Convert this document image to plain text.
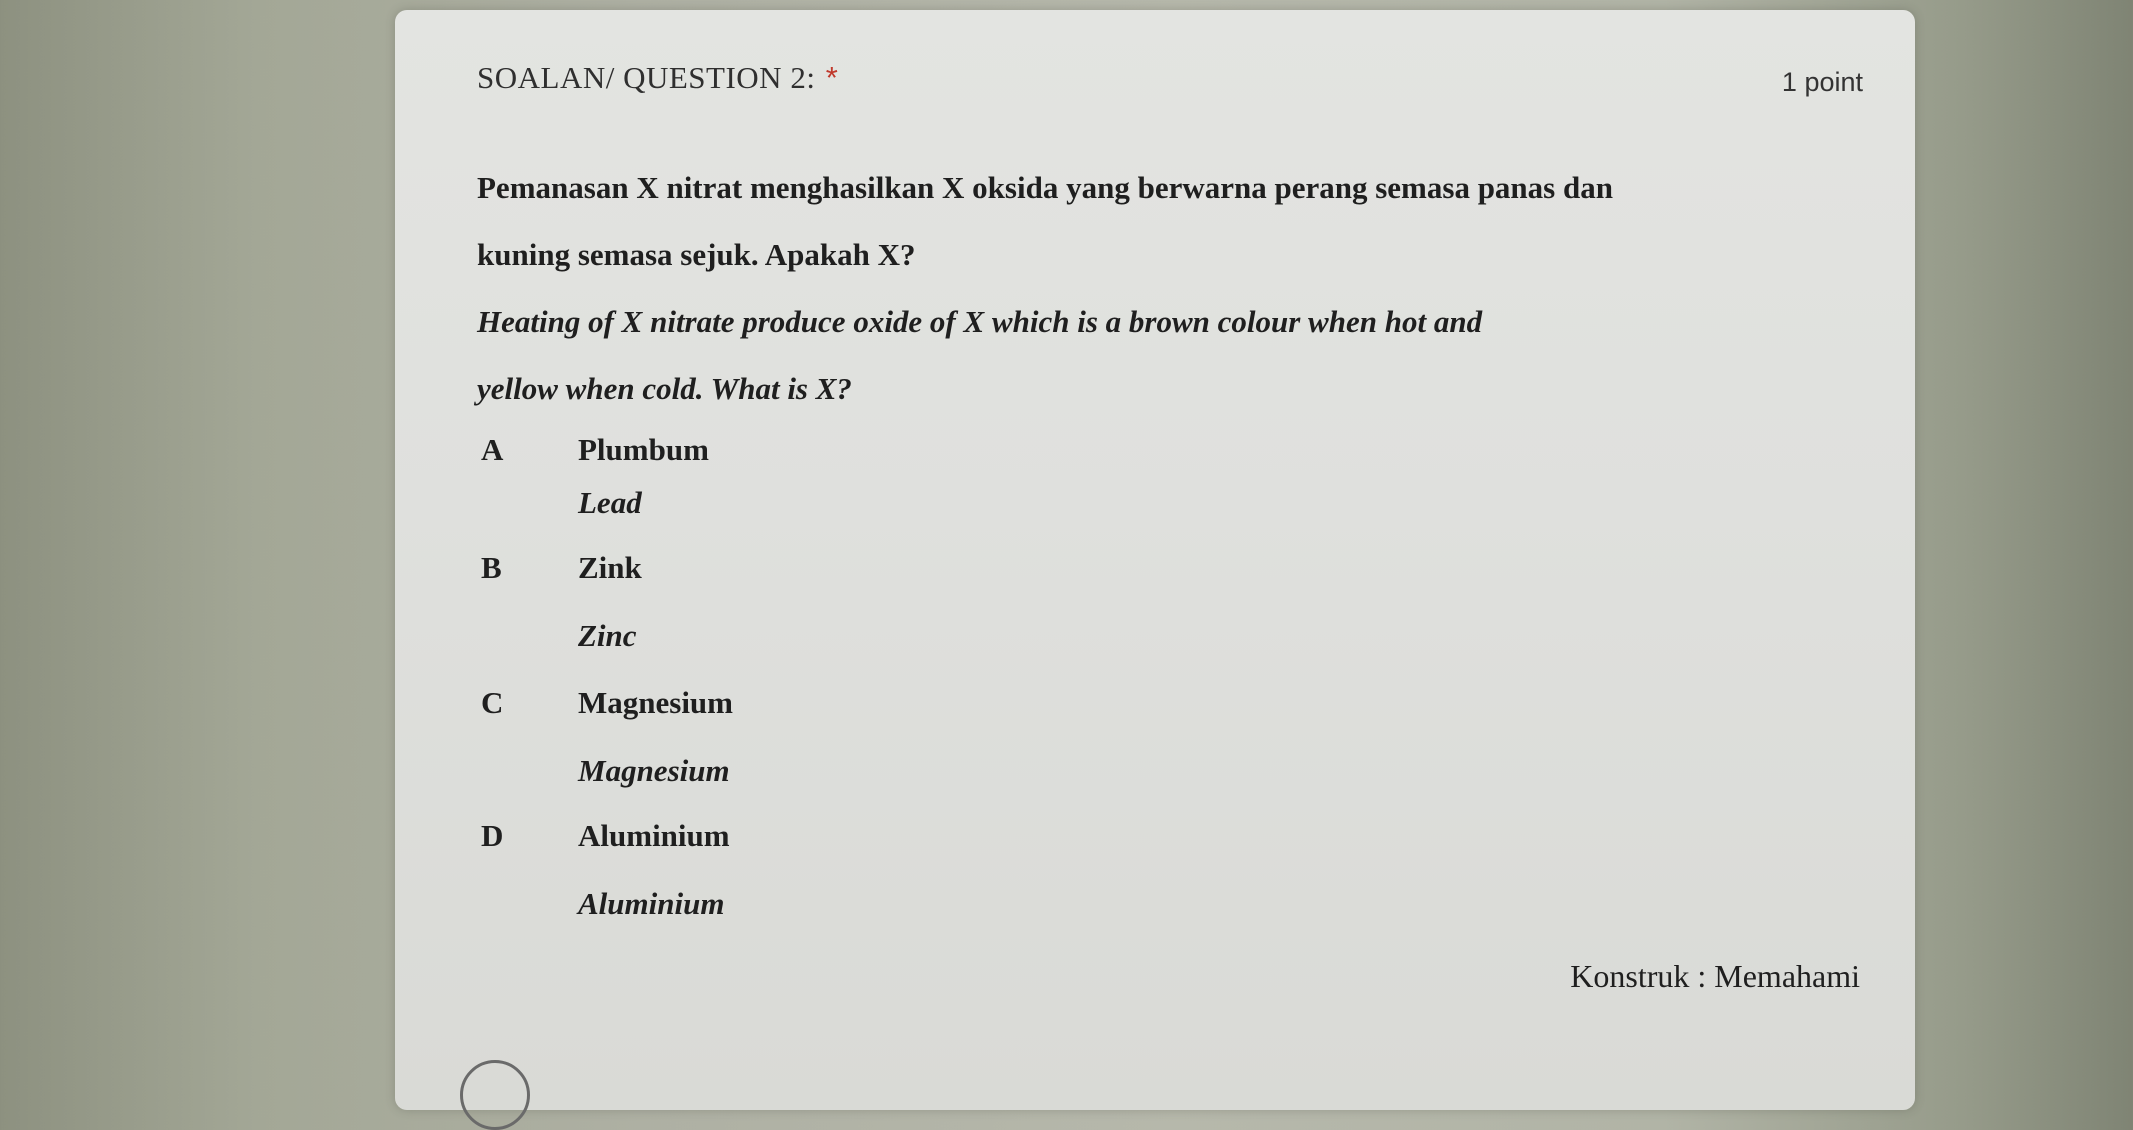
SOALAN/ QUESTION 2: *	1 point
Pemanasan X nitrat menghasilkan X oksida yang berwarna perang semasa panas dan
kuning semasa sejuk. Apakah X?
Heating of X nitrate produce oxide of X which is a brown colour when hot and
yellow when cold. What is X?
A Plumbum
Lead
B Zink
Zinc
C Magnesium
Magnesium
D Aluminium
Aluminium
Konstruk : Memahami
